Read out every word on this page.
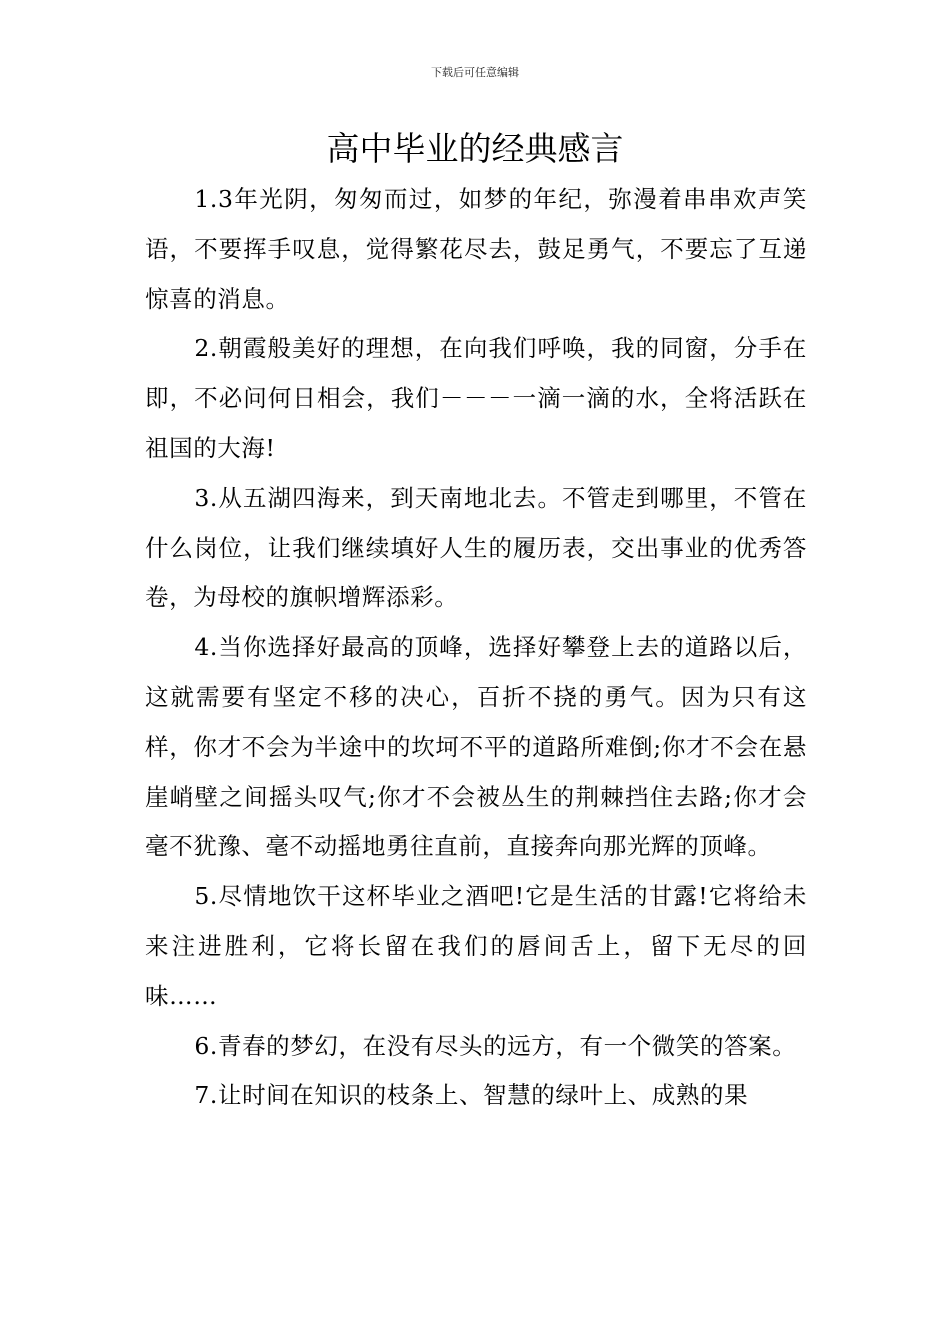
下载后可任意编辑
高中毕业的经典感言

1.3年光阴，匆匆而过，如梦的年纪，弥漫着串串欢声笑语，不要挥手叹息，觉得繁花尽去，鼓足勇气，不要忘了互递惊喜的消息。

2.朝霞般美好的理想，在向我们呼唤，我的同窗，分手在即，不必问何日相会，我们－－－一滴一滴的水，全将活跃在祖国的大海!

3.从五湖四海来，到天南地北去。不管走到哪里，不管在什么岗位，让我们继续填好人生的履历表，交出事业的优秀答卷，为母校的旗帜增辉添彩。

4.当你选择好最高的顶峰，选择好攀登上去的道路以后，这就需要有坚定不移的决心，百折不挠的勇气。因为只有这样，你才不会为半途中的坎坷不平的道路所难倒;你才不会在悬崖峭壁之间摇头叹气;你才不会被丛生的荆棘挡住去路;你才会毫不犹豫、毫不动摇地勇往直前，直接奔向那光辉的顶峰。

5.尽情地饮干这杯毕业之酒吧!它是生活的甘露!它将给未来注进胜利，它将长留在我们的唇间舌上，留下无尽的回味……

6.青春的梦幻，在没有尽头的远方，有一个微笑的答案。

7.让时间在知识的枝条上、智慧的绿叶上、成熟的果
